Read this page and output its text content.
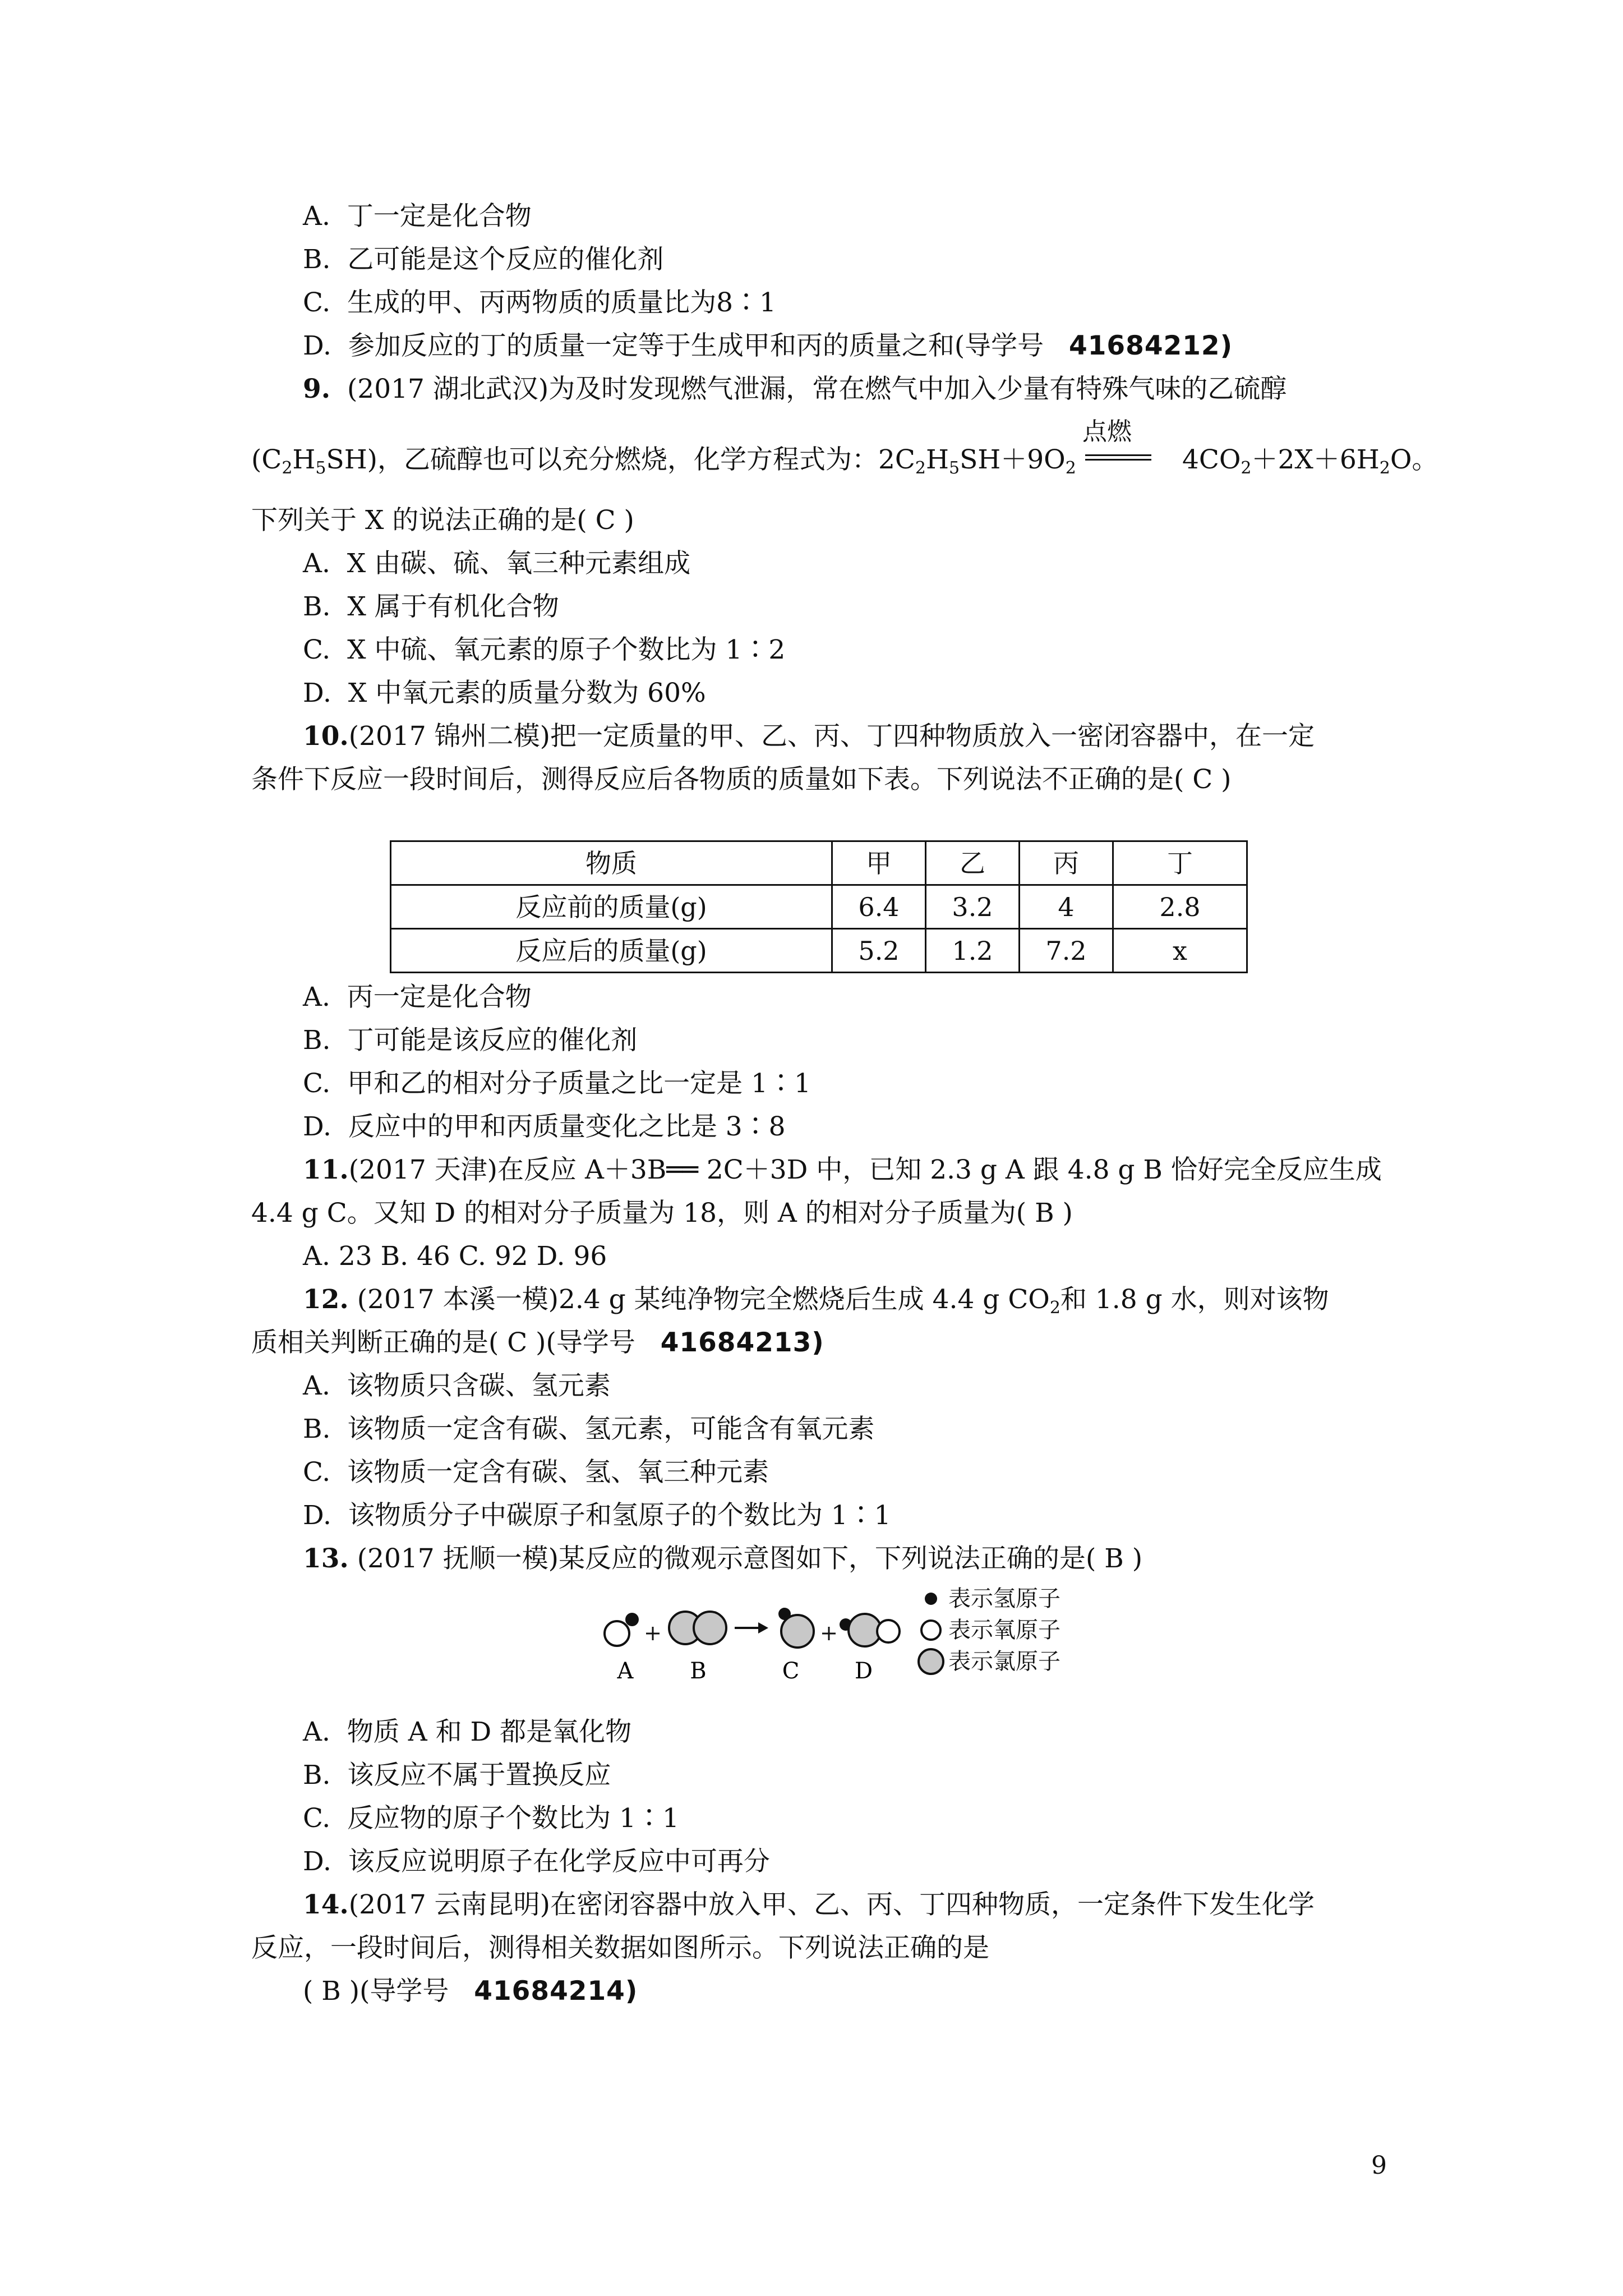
A. 丁一定是化合物
B. 乙可能是这个反应的催化剂
C. 生成的甲、丙两物质的质量比为8∶1
D. 参加反应的丁的质量一定等于生成甲和丙的质量之和(导学号 41684212)
9. (2017 湖北武汉)为及时发现燃气泄漏，常在燃气中加入少量有特殊气味的乙硫醇
$(C_2H_5SH)$，乙硫醇也可以充分燃烧，化学方程式为：$2C_2H_5SH+9O_2$
点燃
$4CO_2+2X+6H_2O$。
下列关于 X 的说法正确的是( C )
A. X 由碳、硫、氧三种元素组成
B. X 属于有机化合物
C. X 中硫、氧元素的原子个数比为 1∶2
D. X 中氧元素的质量分数为 60%
10.(2017 锦州二模)把一定质量的甲、乙、丙、丁四种物质放入一密闭容器中，在一定
条件下反应一段时间后，测得反应后各物质的质量如下表。下列说法不正确的是( C )
物质	甲	乙	丙	丁
反应前的质量(g)	6.4	3.2	4	2.8
反应后的质量(g)	5.2	1.2	7.2	x
A. 丙一定是化合物
B. 丁可能是该反应的催化剂
C. 甲和乙的相对分子质量之比一定是 1∶1
D. 反应中的甲和丙质量变化之比是 3∶8
11.(2017 天津)在反应 A＋3B══ 2C＋3D 中，已知 2.3 g A 跟 4.8 g B 恰好完全反应生成
4.4 g C。又知 D 的相对分子质量为 18，则 A 的相对分子质量为( B )
A. 23 B. 46 C. 92 D. 96
12. (2017 本溪一模)2.4 g 某纯净物完全燃烧后生成 4.4 g $CO_2$和 1.8 g 水，则对该物
质相关判断正确的是( C )(导学号 41684213)
A. 该物质只含碳、氢元素
B. 该物质一定含有碳、氢元素，可能含有氧元素
C. 该物质一定含有碳、氢、氧三种元素
D. 该物质分子中碳原子和氢原子的个数比为 1∶1
13. (2017 抚顺一模)某反应的微观示意图如下，下列说法正确的是( B )
A	B	C D
表示氢原子
表示氧原子
表示氯原子
A. 物质 A 和 D 都是氧化物
B. 该反应不属于置换反应
C. 反应物的原子个数比为 1∶1
D. 该反应说明原子在化学反应中可再分
14.(2017 云南昆明)在密闭容器中放入甲、乙、丙、丁四种物质，一定条件下发生化学
反应，一段时间后，测得相关数据如图所示。下列说法正确的是
( B )(导学号 41684214)
9
